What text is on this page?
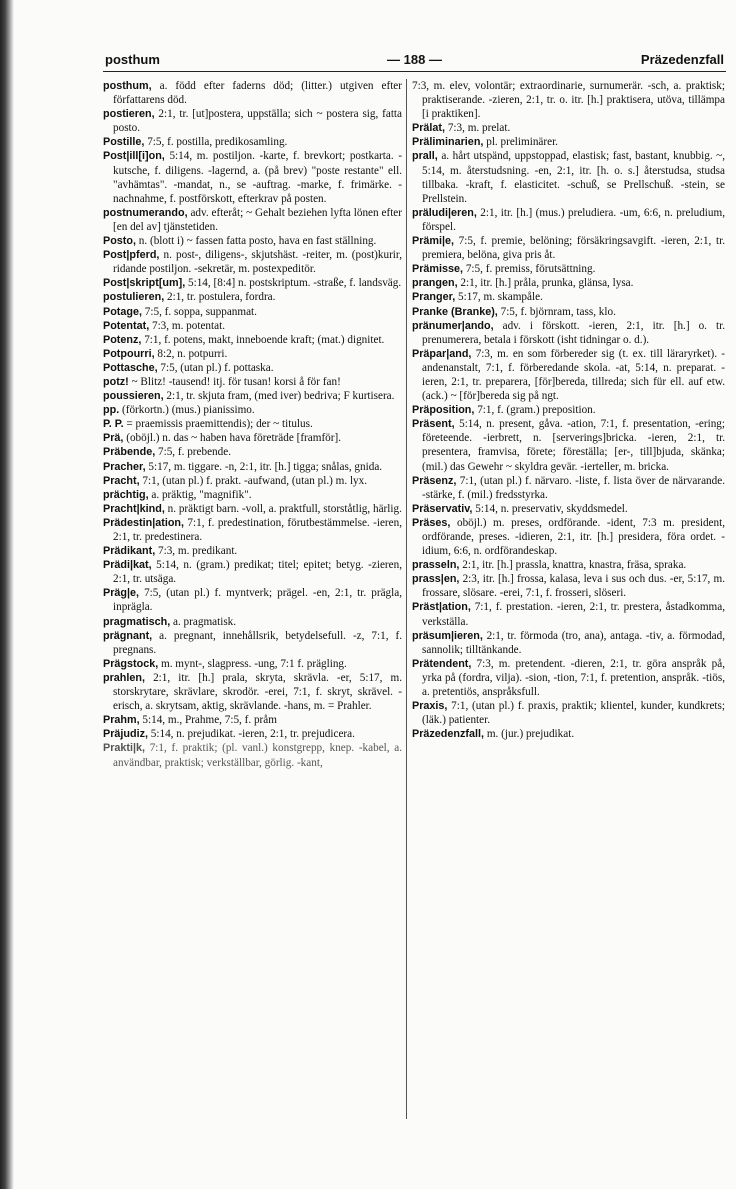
posthum	— 188 —	Präzedenzfall

posthum, a. född efter faderns död; (litter.) utgiven efter författarens död.

postieren, 2:1, tr. [ut]postera, uppställa; sich ~ postera sig, fatta posto.

Postille, 7:5, f. postilla, predikosamling.

Post|ill[i]on, 5:14, m. postiljon. -karte, f. brevkort; postkarta. -kutsche, f. diligens. -lagernd, a. (på brev) "poste restante" ell. "avhämtas". -mandat, n., se -auftrag. -marke, f. frimärke. -nachnahme, f. postförskott, efterkrav på posten.

postnumerando, adv. efteråt; ~ Gehalt beziehen lyfta lönen efter [en del av] tjänstetiden.

Posto, n. (blott i) ~ fassen fatta posto, hava en fast ställning.

Post|pferd, n. post-, diligens-, skjutshäst. -reiter, m. (post)kurir, ridande postiljon. -sekretär, m. postexpeditör.

Post|skript[um], 5:14, [8:4] n. postskriptum. -straße, f. landsväg.

postulieren, 2:1, tr. postulera, fordra.

Potage, 7:5, f. soppa, suppanmat.

Potentat, 7:3, m. potentat.

Potenz, 7:1, f. potens, makt, inneboende kraft; (mat.) dignitet.

Potpourri, 8:2, n. potpurri.

Pottasche, 7:5, (utan pl.) f. pottaska.

potz! ~ Blitz! -tausend! itj. för tusan! korsi å för fan!

poussieren, 2:1, tr. skjuta fram, (med iver) bedriva; F kurtisera.

pp. (förkortn.) (mus.) pianissimo.

P. P. = praemissis praemittendis); der ~ titulus.

Prä, (oböjl.) n. das ~ haben hava företräde [framför].

Präbende, 7:5, f. prebende.

Pracher, 5:17, m. tiggare. -n, 2:1, itr. [h.] tigga; snålas, gnida.

Pracht, 7:1, (utan pl.) f. prakt. -aufwand, (utan pl.) m. lyx.

prächtig, a. präktig, "magnifik".

Pracht|kind, n. präktigt barn. -voll, a. praktfull, storståtlig, härlig.

Prädestin|ation, 7:1, f. predestination, förutbestämmelse. -ieren, 2:1, tr. predestinera.

Prädikant, 7:3, m. predikant.

Prädi|kat, 5:14, n. (gram.) predikat; titel; epitet; betyg. -zieren, 2:1, tr. utsäga.

Präg|e, 7:5, (utan pl.) f. myntverk; prägel. -en, 2:1, tr. prägla, inprägla.

pragmatisch, a. pragmatisk.

prägnant, a. pregnant, innehållsrik, betydelsefull. -z, 7:1, f. pregnans.

Prägstock, m. mynt-, slagpress. -ung, 7:1 f. prägling.

prahlen, 2:1, itr. [h.] prala, skryta, skrävla. -er, 5:17, m. storskrytare, skrävlare, skrodör. -erei, 7:1, f. skryt, skrävel. -erisch, a. skrytsam, aktig, skrävlande. -hans, m. = Prahler.

Prahm, 5:14, m., Prahme, 7:5, f. pråm

Präjudiz, 5:14, n. prejudikat. -ieren, 2:1, tr. prejudicera.

Prakti|k, 7:1, f. praktik; (pl. vanl.) konstgrepp, knep. -kabel, a. användbar, praktisk; verkställbar, görlig. -kant,

7:3, m. elev, volontär; extraordinarie, surnumerär. -sch, a. praktisk; praktiserande. -zieren, 2:1, tr. o. itr. [h.] praktisera, utöva, tillämpa [i praktiken].

Prälat, 7:3, m. prelat.

Präliminarien, pl. preliminärer.

prall, a. hårt utspänd, uppstoppad, elastisk; fast, bastant, knubbig. ~, 5:14, m. återstudsning. -en, 2:1, itr. [h. o. s.] återstudsa, studsa tillbaka. -kraft, f. elasticitet. -schuß, se Prellschuß. -stein, se Prellstein.

präludi|eren, 2:1, itr. [h.] (mus.) preludiera. -um, 6:6, n. preludium, förspel.

Prämi|e, 7:5, f. premie, belöning; försäkringsavgift. -ieren, 2:1, tr. premiera, belöna, giva pris åt.

Prämisse, 7:5, f. premiss, förutsättning.

prangen, 2:1, itr. [h.] pråla, prunka, glänsa, lysa.

Pranger, 5:17, m. skampåle.

Pranke (Branke), 7:5, f. björnram, tass, klo.

pränumer|ando, adv. i förskott. -ieren, 2:1, itr. [h.] o. tr. prenumerera, betala i förskott (isht tidningar o. d.).

Präpar|and, 7:3, m. en som förbereder sig (t. ex. till läraryrket). -andenanstalt, 7:1, f. förberedande skola. -at, 5:14, n. preparat. -ieren, 2:1, tr. preparera, [för]bereda, tillreda; sich für ell. auf etw. (ack.) ~ [för]bereda sig på ngt.

Präposition, 7:1, f. (gram.) preposition.

Präsent, 5:14, n. present, gåva. -ation, 7:1, f. presentation, -ering; företeende. -ierbrett, n. [serverings]bricka. -ieren, 2:1, tr. presentera, framvisa, förete; föreställa; [er-, till]bjuda, skänka; (mil.) das Gewehr ~ skyldra gevär. -ierteller, m. bricka.

Präsenz, 7:1, (utan pl.) f. närvaro. -liste, f. lista över de närvarande. -stärke, f. (mil.) fredsstyrka.

Präservativ, 5:14, n. preservativ, skyddsmedel.

Präses, oböjl.) m. preses, ordförande. -ident, 7:3 m. president, ordförande, preses. -idieren, 2:1, itr. [h.] presidera, föra ordet. -idium, 6:6, n. ordförandeskap.

prasseln, 2:1, itr. [h.] prassla, knattra, knastra, fräsa, spraka.

prass|en, 2:3, itr. [h.] frossa, kalasa, leva i sus och dus. -er, 5:17, m. frossare, slösare. -erei, 7:1, f. frosseri, slöseri.

Präst|ation, 7:1, f. prestation. -ieren, 2:1, tr. prestera, åstadkomma, verkställa.

präsum|ieren, 2:1, tr. förmoda (tro, ana), antaga. -tiv, a. förmodad, sannolik; tilltänkande.

Prätendent, 7:3, m. pretendent. -dieren, 2:1, tr. göra anspråk på, yrka på (fordra, vilja). -sion, -tion, 7:1, f. pretention, anspråk. -tiös, a. pretentiös, anspråksfull.

Praxis, 7:1, (utan pl.) f. praxis, praktik; klientel, kunder, kundkrets; (läk.) patienter.

Präzedenzfall, m. (jur.) prejudikat.
